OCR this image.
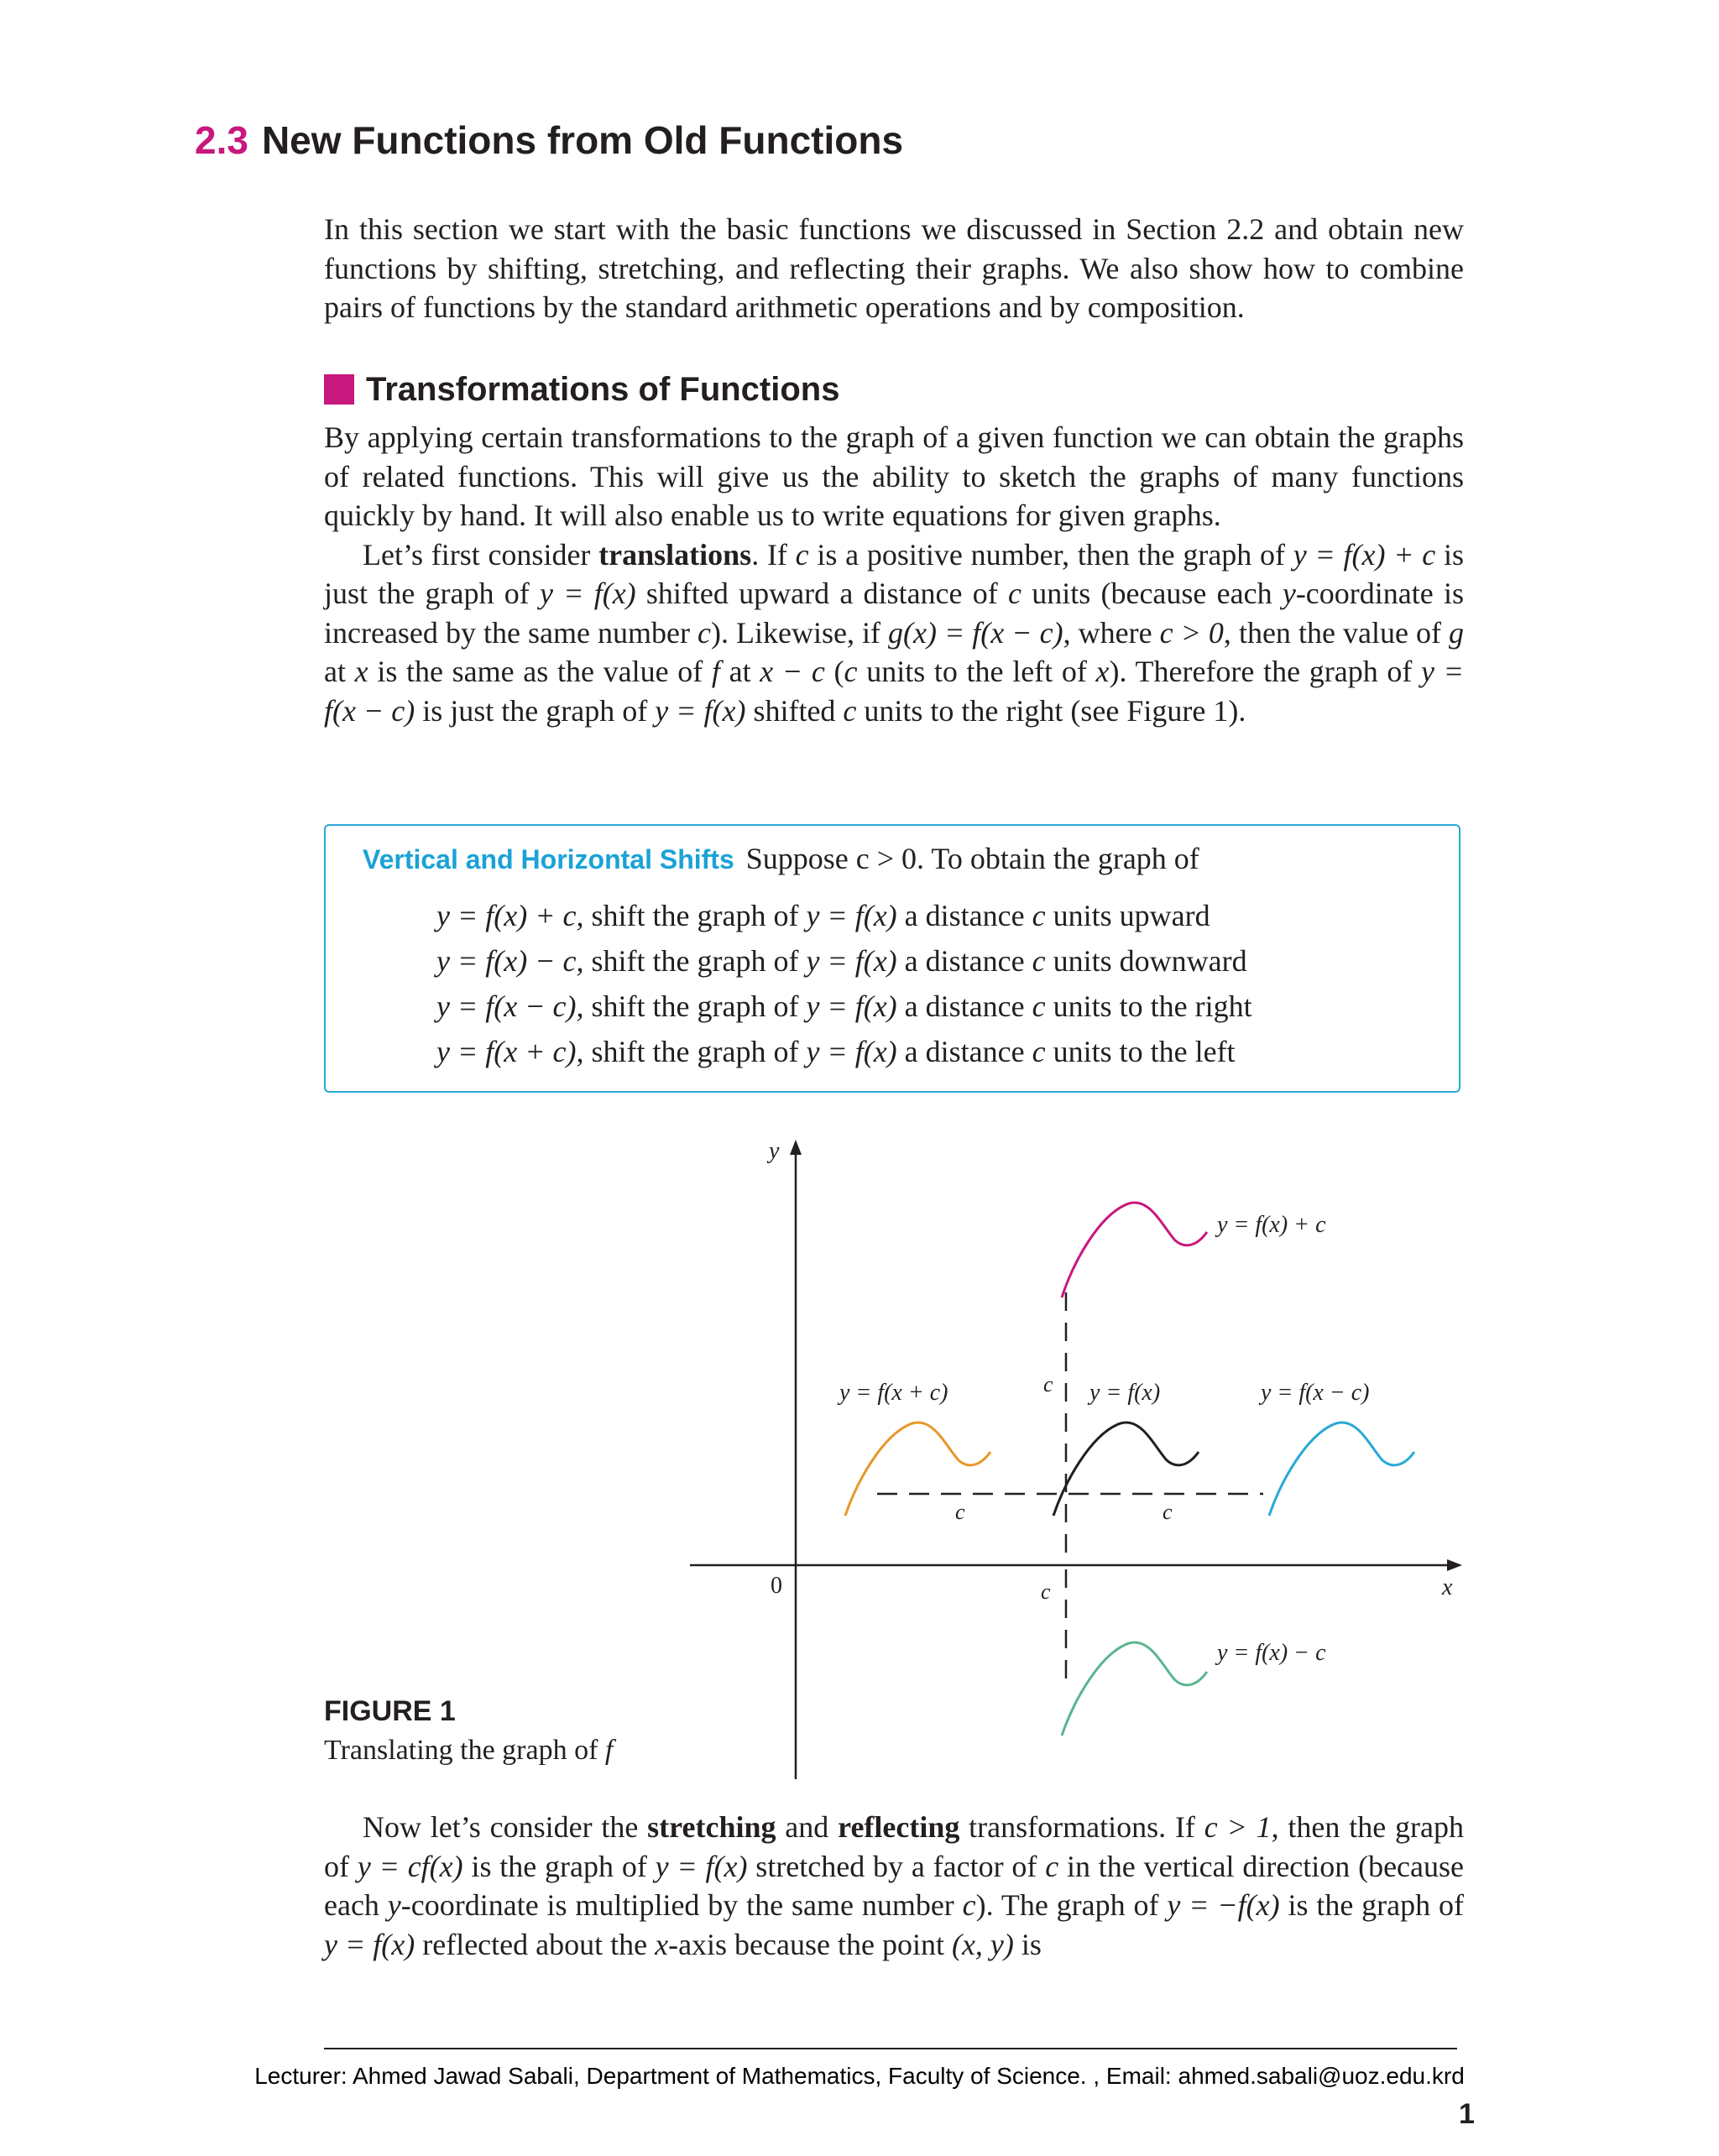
2.3 New Functions from Old Functions

In this section we start with the basic functions we discussed in Section 2.2 and obtain new functions by shifting, stretching, and reflecting their graphs. We also show how to combine pairs of functions by the standard arithmetic operations and by composition.

Transformations of Functions

By applying certain transformations to the graph of a given function we can obtain the graphs of related functions. This will give us the ability to sketch the graphs of many functions quickly by hand. It will also enable us to write equations for given graphs.

Let’s first consider translations. If c is a positive number, then the graph of y = f(x) + c is just the graph of y = f(x) shifted upward a distance of c units (because each y-coordinate is increased by the same number c). Likewise, if g(x) = f(x − c), where c > 0, then the value of g at x is the same as the value of f at x − c (c units to the left of x). Therefore the graph of y = f(x − c) is just the graph of y = f(x) shifted c units to the right (see Figure 1).

Vertical and Horizontal Shifts Suppose c > 0. To obtain the graph of
y = f(x) + c, shift the graph of y = f(x) a distance c units upward
y = f(x) − c, shift the graph of y = f(x) a distance c units downward
y = f(x − c), shift the graph of y = f(x) a distance c units to the right
y = f(x + c), shift the graph of y = f(x) a distance c units to the left
y
x
0
c
c	c
c
y = f(x) + c
y = f(x + c)	y = f(x)	y = f(x − c)
y = f(x) − c
FIGURE 1
Translating the graph of f

Now let’s consider the stretching and reflecting transformations. If c > 1, then the graph of y = cf(x) is the graph of y = f(x) stretched by a factor of c in the vertical direction (because each y-coordinate is multiplied by the same number c). The graph of y = −f(x) is the graph of y = f(x) reflected about the x-axis because the point (x, y) is

Lecturer: Ahmed Jawad Sabali, Department of Mathematics, Faculty of Science. , Email: ahmed.sabali@uoz.edu.krd
1
